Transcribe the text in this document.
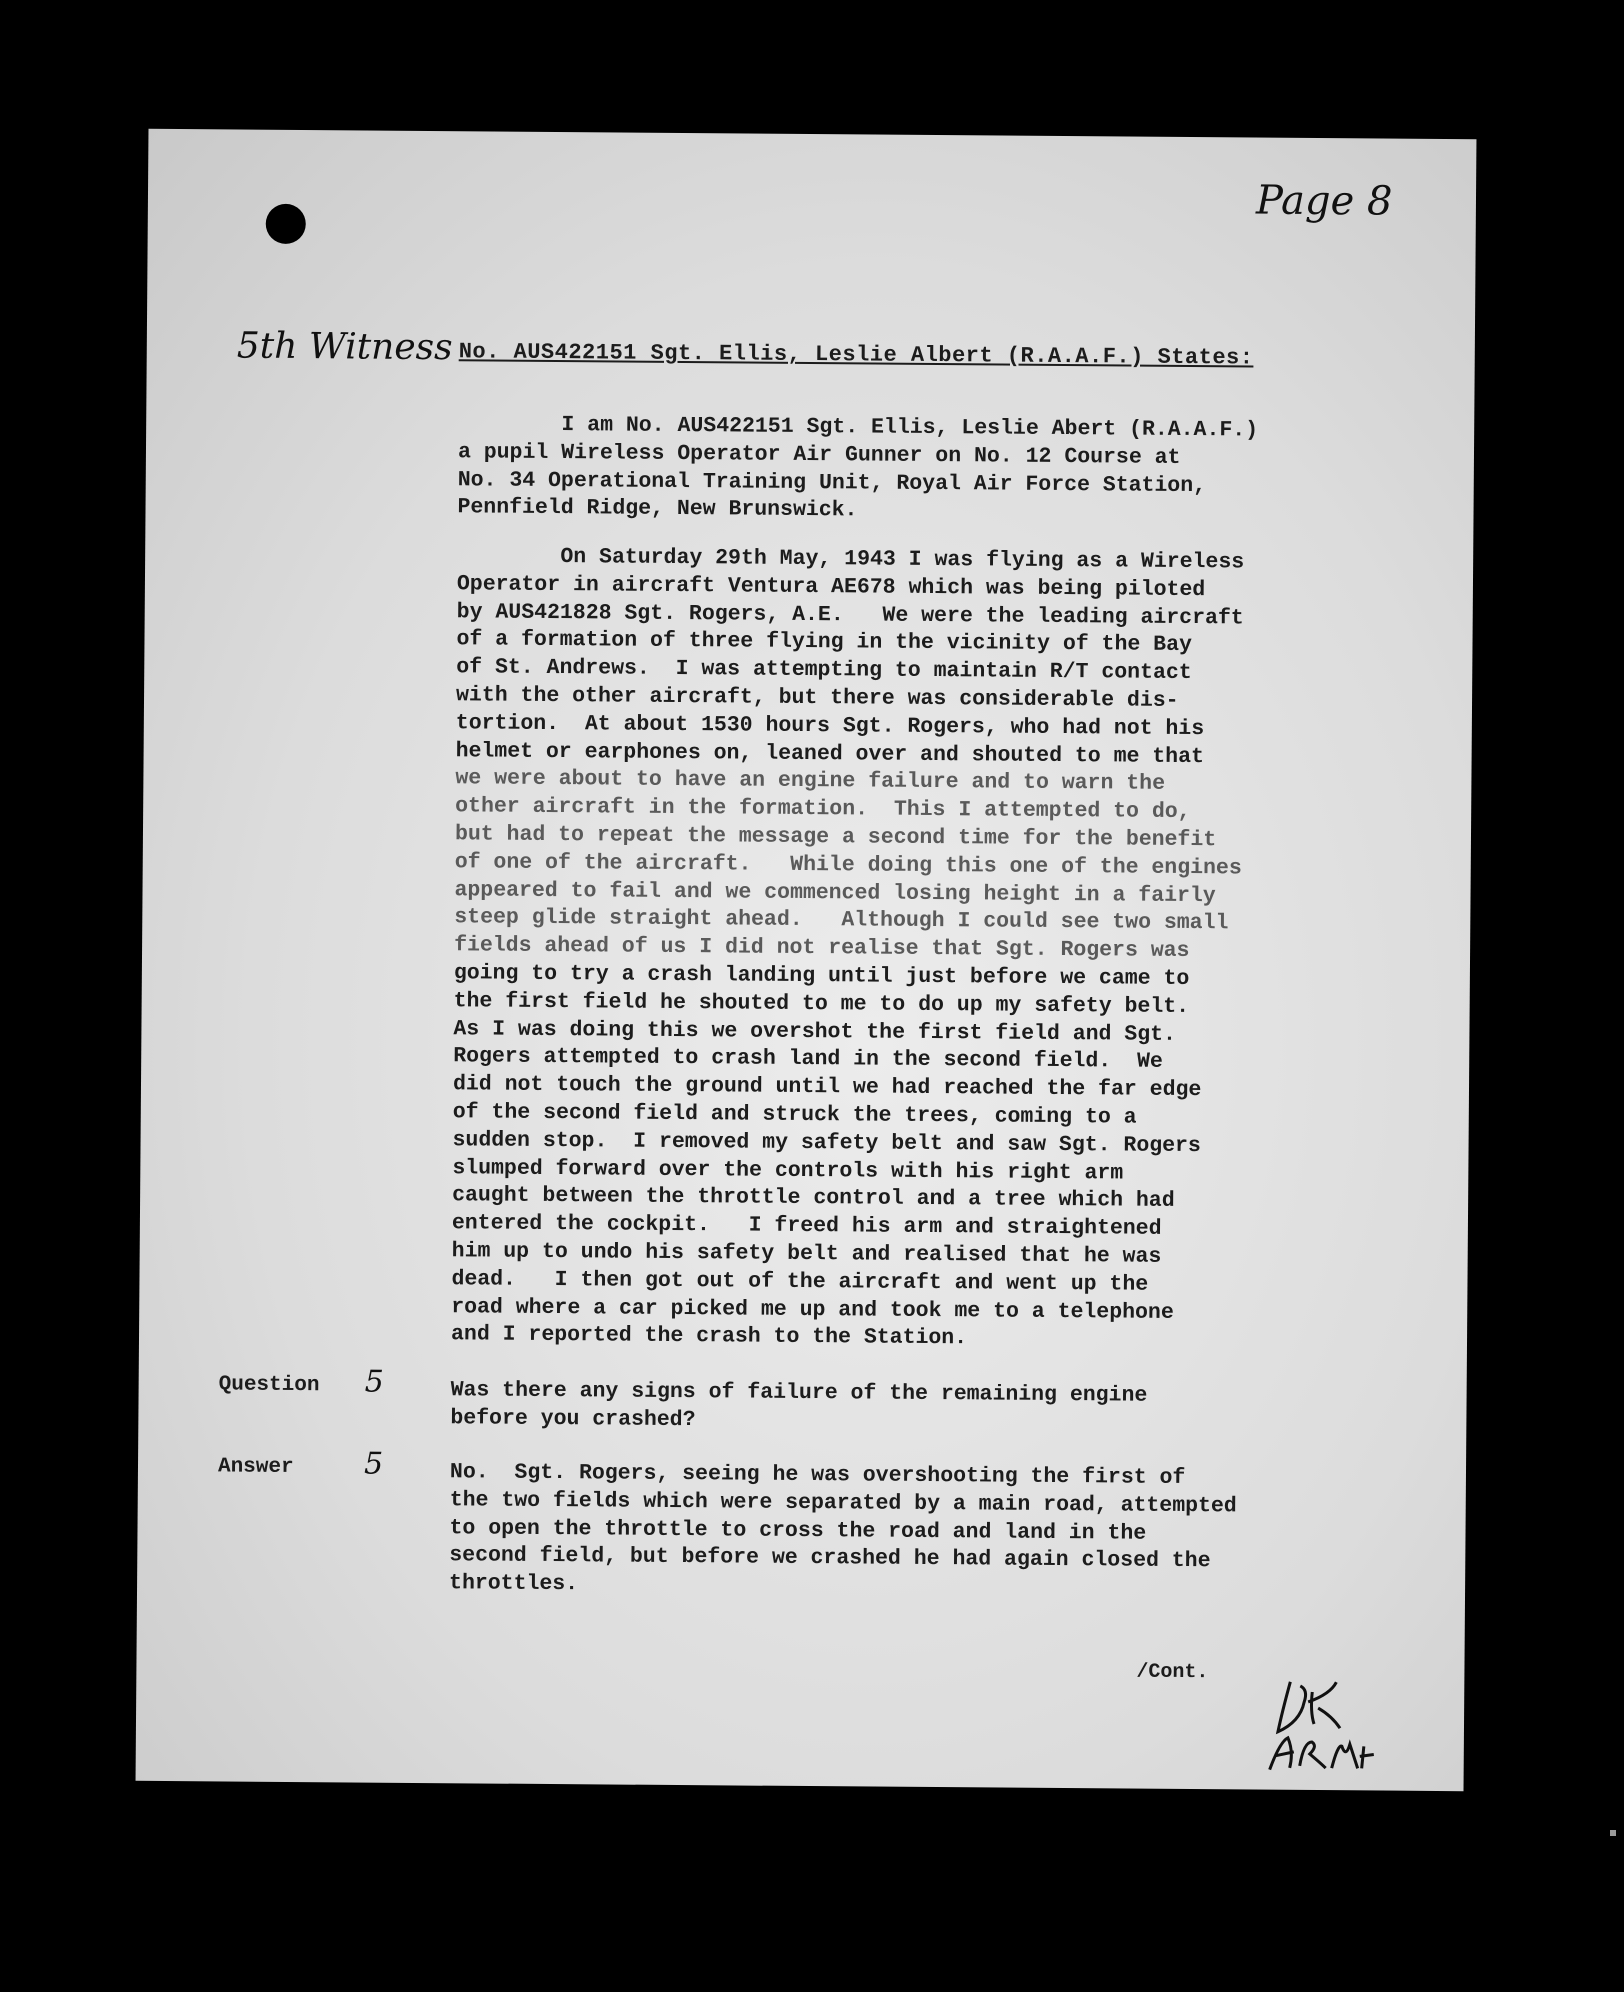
Page 8
5th Witness No. AUS422151 Sgt. Ellis, Leslie Albert (R.A.A.F.) States:
I am No. AUS422151 Sgt. Ellis, Leslie Abert (R.A.A.F.)
a pupil Wireless Operator Air Gunner on No. 12 Course at
No. 34 Operational Training Unit, Royal Air Force Station,
Pennfield Ridge, New Brunswick.
On Saturday 29th May, 1943 I was flying as a Wireless
Operator in aircraft Ventura AE678 which was being piloted
by AUS421828 Sgt. Rogers, A.E.   We were the leading aircraft
of a formation of three flying in the vicinity of the Bay
of St. Andrews.  I was attempting to maintain R/T contact
with the other aircraft, but there was considerable dis-
tortion.  At about 1530 hours Sgt. Rogers, who had not his
helmet or earphones on, leaned over and shouted to me that
we were about to have an engine failure and to warn the
other aircraft in the formation.  This I attempted to do,
but had to repeat the message a second time for the benefit
of one of the aircraft.   While doing this one of the engines
appeared to fail and we commenced losing height in a fairly
steep glide straight ahead.   Although I could see two small
fields ahead of us I did not realise that Sgt. Rogers was
going to try a crash landing until just before we came to
the first field he shouted to me to do up my safety belt.
As I was doing this we overshot the first field and Sgt.
Rogers attempted to crash land in the second field.  We
did not touch the ground until we had reached the far edge
of the second field and struck the trees, coming to a
sudden stop.  I removed my safety belt and saw Sgt. Rogers
slumped forward over the controls with his right arm
caught between the throttle control and a tree which had
entered the cockpit.   I freed his arm and straightened
him up to undo his safety belt and realised that he was
dead.   I then got out of the aircraft and went up the
road where a car picked me up and took me to a telephone
and I reported the crash to the Station.
Question 5	Was there any signs of failure of the remaining engine
before you crashed?
Answer 5	No.  Sgt. Rogers, seeing he was overshooting the first of
the two fields which were separated by a main road, attempted
to open the throttle to cross the road and land in the
second field, but before we crashed he had again closed the
throttles.
/Cont.
